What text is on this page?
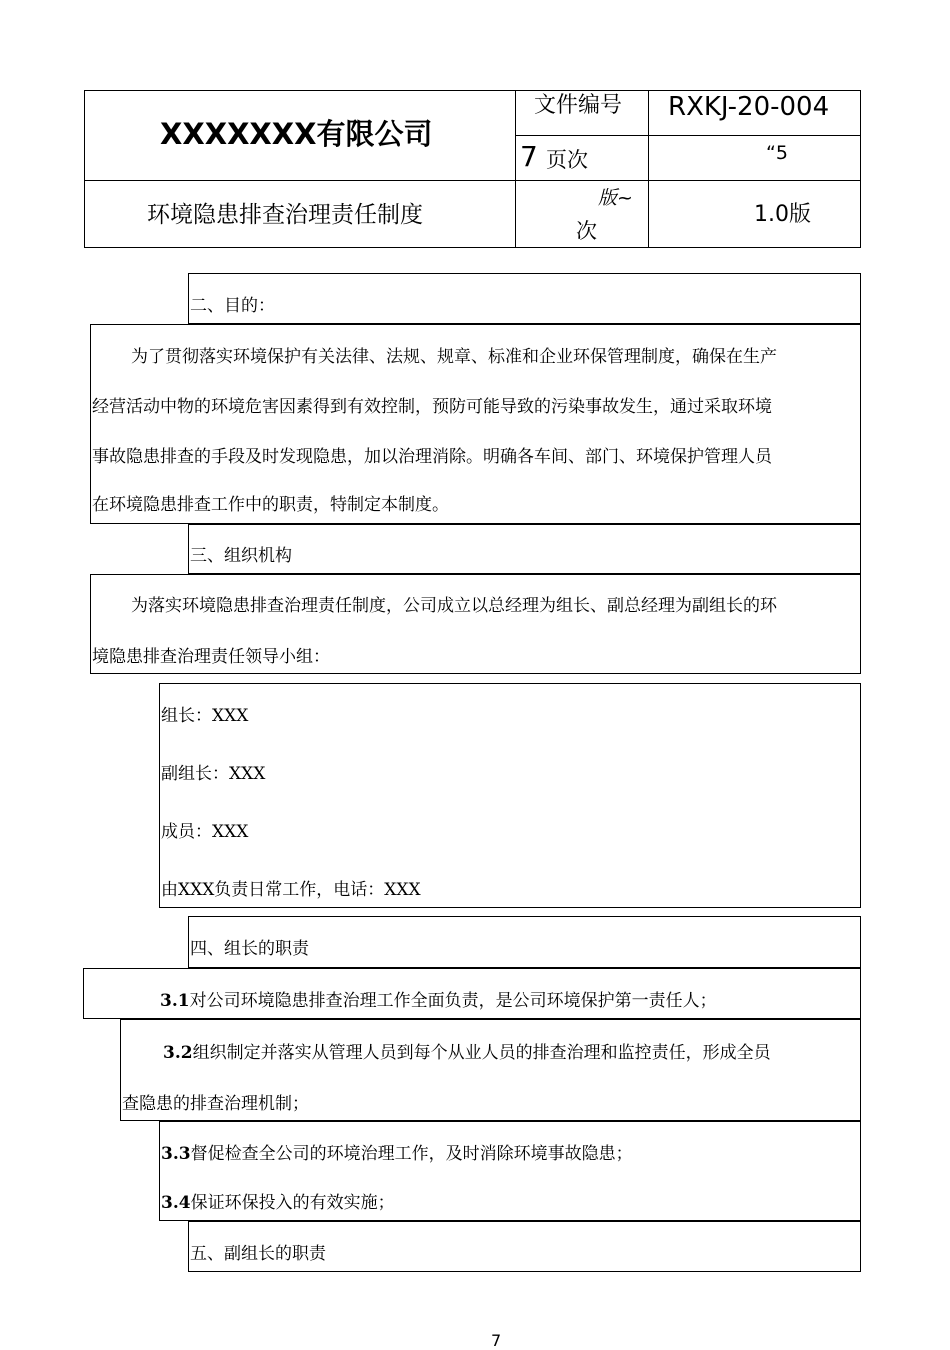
XXXXXXX有限公司
文件编号 RXKJ-20-004
7 页次	“5
环境隐患排查治理责任制度
版~
次
1.0版
二、目的：
为了贯彻落实环境保护有关法律、法规、规章、标准和企业环保管理制度，确保在生产
经营活动中物的环境危害因素得到有效控制，预防可能导致的污染事故发生，通过采取环境
事故隐患排查的手段及时发现隐患，加以治理消除。明确各车间、部门、环境保护管理人员
在环境隐患排查工作中的职责，特制定本制度。
三、组织机构
为落实环境隐患排查治理责任制度，公司成立以总经理为组长、副总经理为副组长的环
境隐患排查治理责任领导小组：
组长：XXX
副组长：XXX
成员：XXX
由XXX负责日常工作，电话：XXX
四、组长的职责
3.1对公司环境隐患排查治理工作全面负责，是公司环境保护第一责任人；
3.2组织制定并落实从管理人员到每个从业人员的排查治理和监控责任，形成全员
查隐患的排查治理机制；
3.3督促检查全公司的环境治理工作，及时消除环境事故隐患；
3.4保证环保投入的有效实施；
五、副组长的职责
7
